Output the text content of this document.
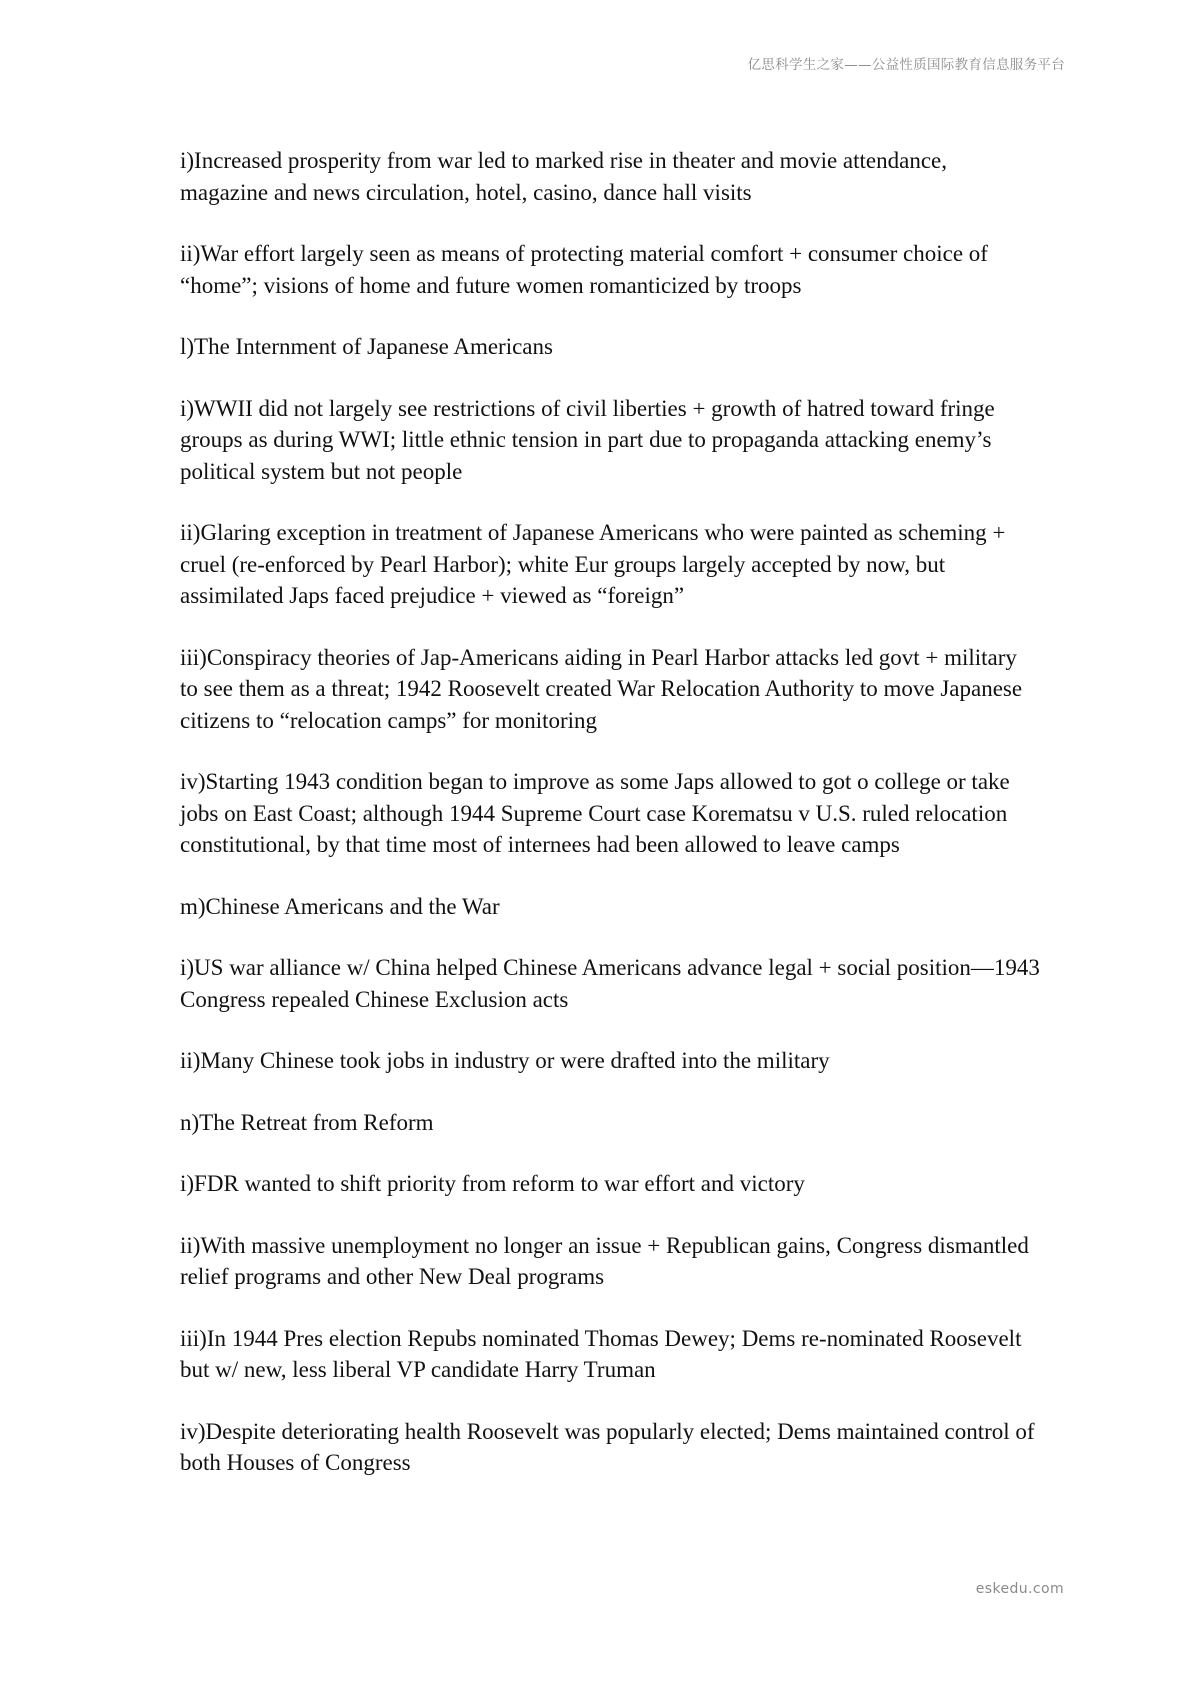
亿思科学生之家——公益性质国际教育信息服务平台

i)Increased prosperity from war led to marked rise in theater and movie attendance, magazine and news circulation, hotel, casino, dance hall visits

ii)War effort largely seen as means of protecting material comfort + consumer choice of “home”; visions of home and future women romanticized by troops

l)The Internment of Japanese Americans

i)WWII did not largely see restrictions of civil liberties + growth of hatred toward fringe groups as during WWI; little ethnic tension in part due to propaganda attacking enemy’s political system but not people

ii)Glaring exception in treatment of Japanese Americans who were painted as scheming + cruel (re-enforced by Pearl Harbor); white Eur groups largely accepted by now, but assimilated Japs faced prejudice + viewed as “foreign”

iii)Conspiracy theories of Jap-Americans aiding in Pearl Harbor attacks led govt + military to see them as a threat; 1942 Roosevelt created War Relocation Authority to move Japanese citizens to “relocation camps” for monitoring

iv)Starting 1943 condition began to improve as some Japs allowed to got o college or take jobs on East Coast; although 1944 Supreme Court case Korematsu v U.S. ruled relocation constitutional, by that time most of internees had been allowed to leave camps

m)Chinese Americans and the War

i)US war alliance w/ China helped Chinese Americans advance legal + social position—1943 Congress repealed Chinese Exclusion acts

ii)Many Chinese took jobs in industry or were drafted into the military

n)The Retreat from Reform

i)FDR wanted to shift priority from reform to war effort and victory

ii)With massive unemployment no longer an issue + Republican gains, Congress dismantled relief programs and other New Deal programs

iii)In 1944 Pres election Repubs nominated Thomas Dewey; Dems re-nominated Roosevelt but w/ new, less liberal VP candidate Harry Truman

iv)Despite deteriorating health Roosevelt was popularly elected; Dems maintained control of both Houses of Congress

eskedu.com
